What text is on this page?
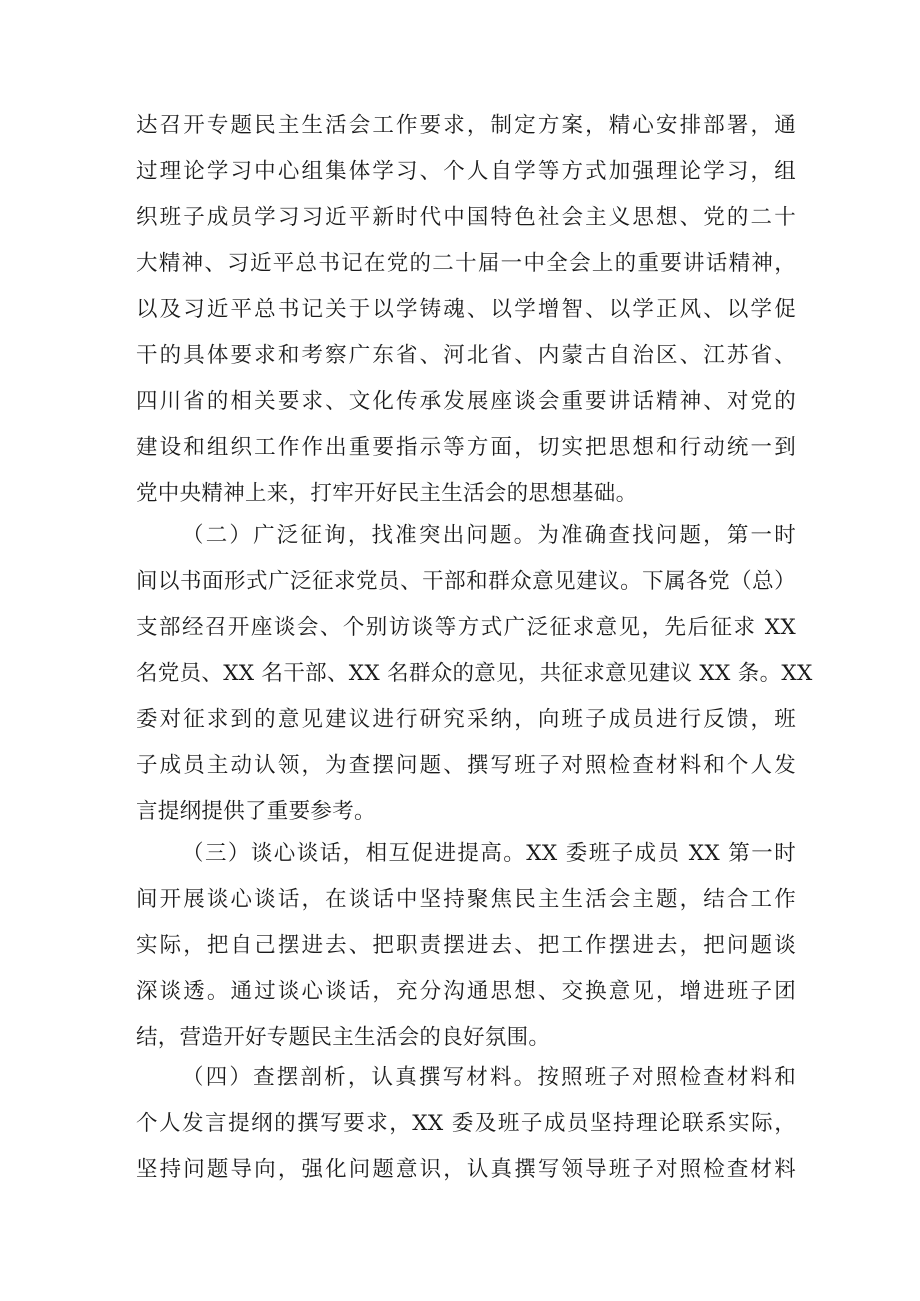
达召开专题民主生活会工作要求，制定方案，精心安排部署，通
过理论学习中心组集体学习、个人自学等方式加强理论学习，组
织班子成员学习习近平新时代中国特色社会主义思想、党的二十
大精神、习近平总书记在党的二十届一中全会上的重要讲话精神，
以及习近平总书记关于以学铸魂、以学增智、以学正风、以学促
干的具体要求和考察广东省、河北省、内蒙古自治区、江苏省、
四川省的相关要求、文化传承发展座谈会重要讲话精神、对党的
建设和组织工作作出重要指示等方面，切实把思想和行动统一到
党中央精神上来，打牢开好民主生活会的思想基础。
（二）广泛征询，找准突出问题。为准确查找问题，第一时
间以书面形式广泛征求党员、干部和群众意见建议。下属各党（总）
支部经召开座谈会、个别访谈等方式广泛征求意见，先后征求 XX
名党员、XX 名干部、XX 名群众的意见，共征求意见建议 XX 条。XX
委对征求到的意见建议进行研究采纳，向班子成员进行反馈，班
子成员主动认领，为查摆问题、撰写班子对照检查材料和个人发
言提纲提供了重要参考。
（三）谈心谈话，相互促进提高。XX 委班子成员 XX 第一时
间开展谈心谈话，在谈话中坚持聚焦民主生活会主题，结合工作
实际，把自己摆进去、把职责摆进去、把工作摆进去，把问题谈
深谈透。通过谈心谈话，充分沟通思想、交换意见，增进班子团
结，营造开好专题民主生活会的良好氛围。
（四）查摆剖析，认真撰写材料。按照班子对照检查材料和
个人发言提纲的撰写要求，XX 委及班子成员坚持理论联系实际，
坚持问题导向，强化问题意识，认真撰写领导班子对照检查材料
